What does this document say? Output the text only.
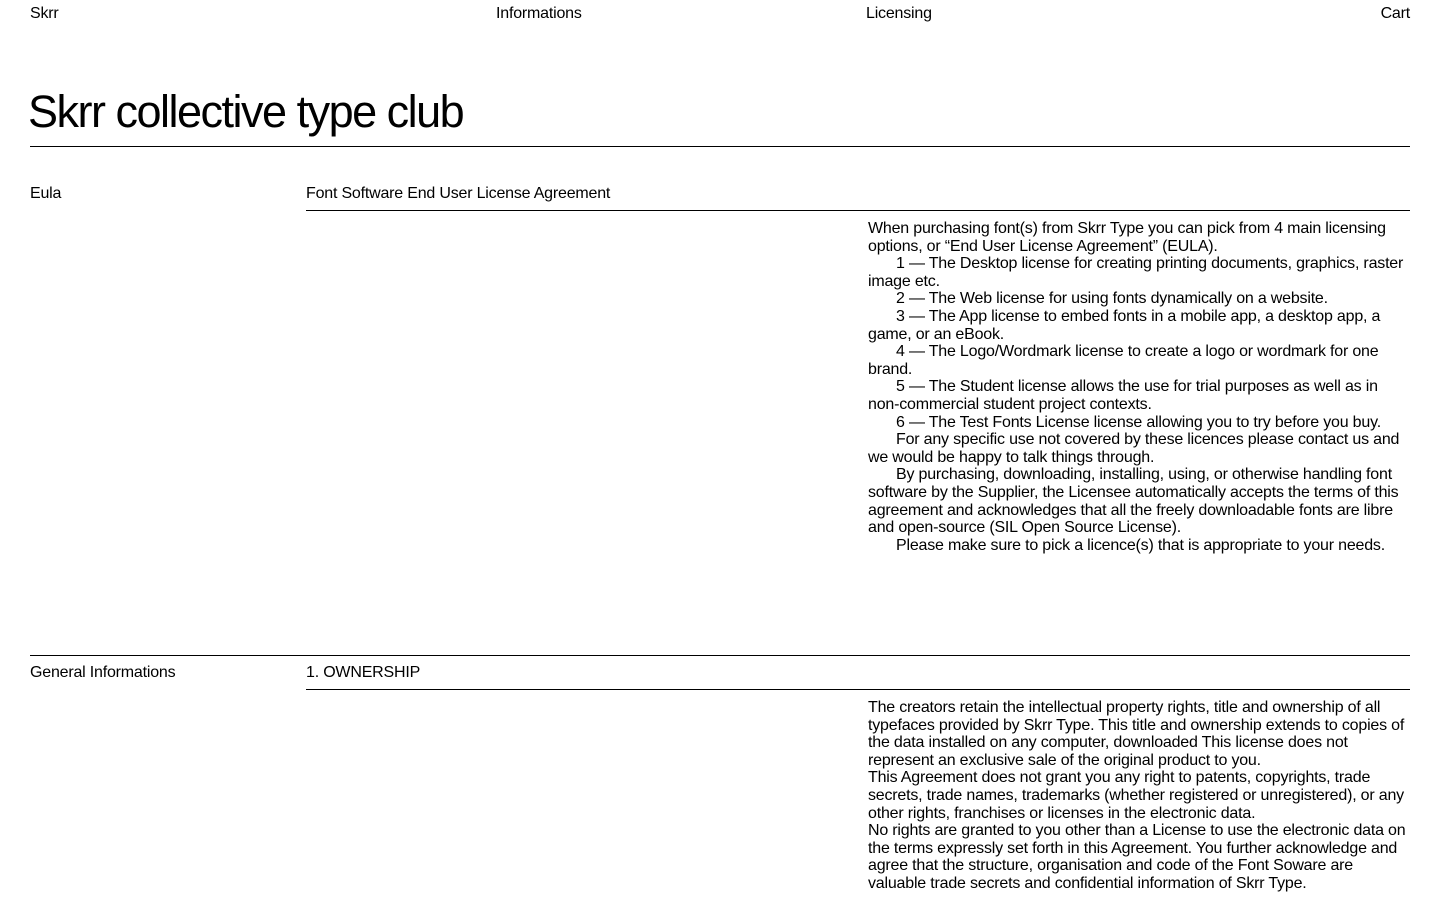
Skrr	Informations	Licensing	Cart
Skrr collective type club
Eula	Font Software End User License Agreement

When purchasing font(s) from Skrr Type you can pick from 4 main licensing options, or “End User License Agreement” (EULA).

1 — The Desktop license for creating printing documents, graphics, raster image etc.

2 — The Web license for using fonts dynamically on a website.

3 — The App license to embed fonts in a mobile app, a desktop app, a game, or an eBook.

4 — The Logo/Wordmark license to create a logo or wordmark for one brand.

5 — The Student license allows the use for trial purposes as well as in non-commercial student project contexts.

6 — The Test Fonts License license allowing you to try before you buy.

For any specific use not covered by these licences please contact us and we would be happy to talk things through.

By purchasing, downloading, installing, using, or otherwise handling font software by the Supplier, the Licensee automatically accepts the terms of this agreement and acknowledges that all the freely downloadable fonts are libre and open-source (SIL Open Source License).

Please make sure to pick a licence(s) that is appropriate to your needs.

General Informations	1. OWNERSHIP

The creators retain the intellectual property rights, title and ownership of all typefaces provided by Skrr Type. This title and ownership extends to copies of the data installed on any computer, downloaded This license does not represent an exclusive sale of the original product to you.

This Agreement does not grant you any right to patents, copyrights, trade secrets, trade names, trademarks (whether registered or unregistered), or any other rights, franchises or licenses in the electronic data.

No rights are granted to you other than a License to use the electronic data on the terms expressly set forth in this Agreement. You further acknowledge and agree that the structure, organisation and code of the Font Soware are valuable trade secrets and confidential information of Skrr Type.
